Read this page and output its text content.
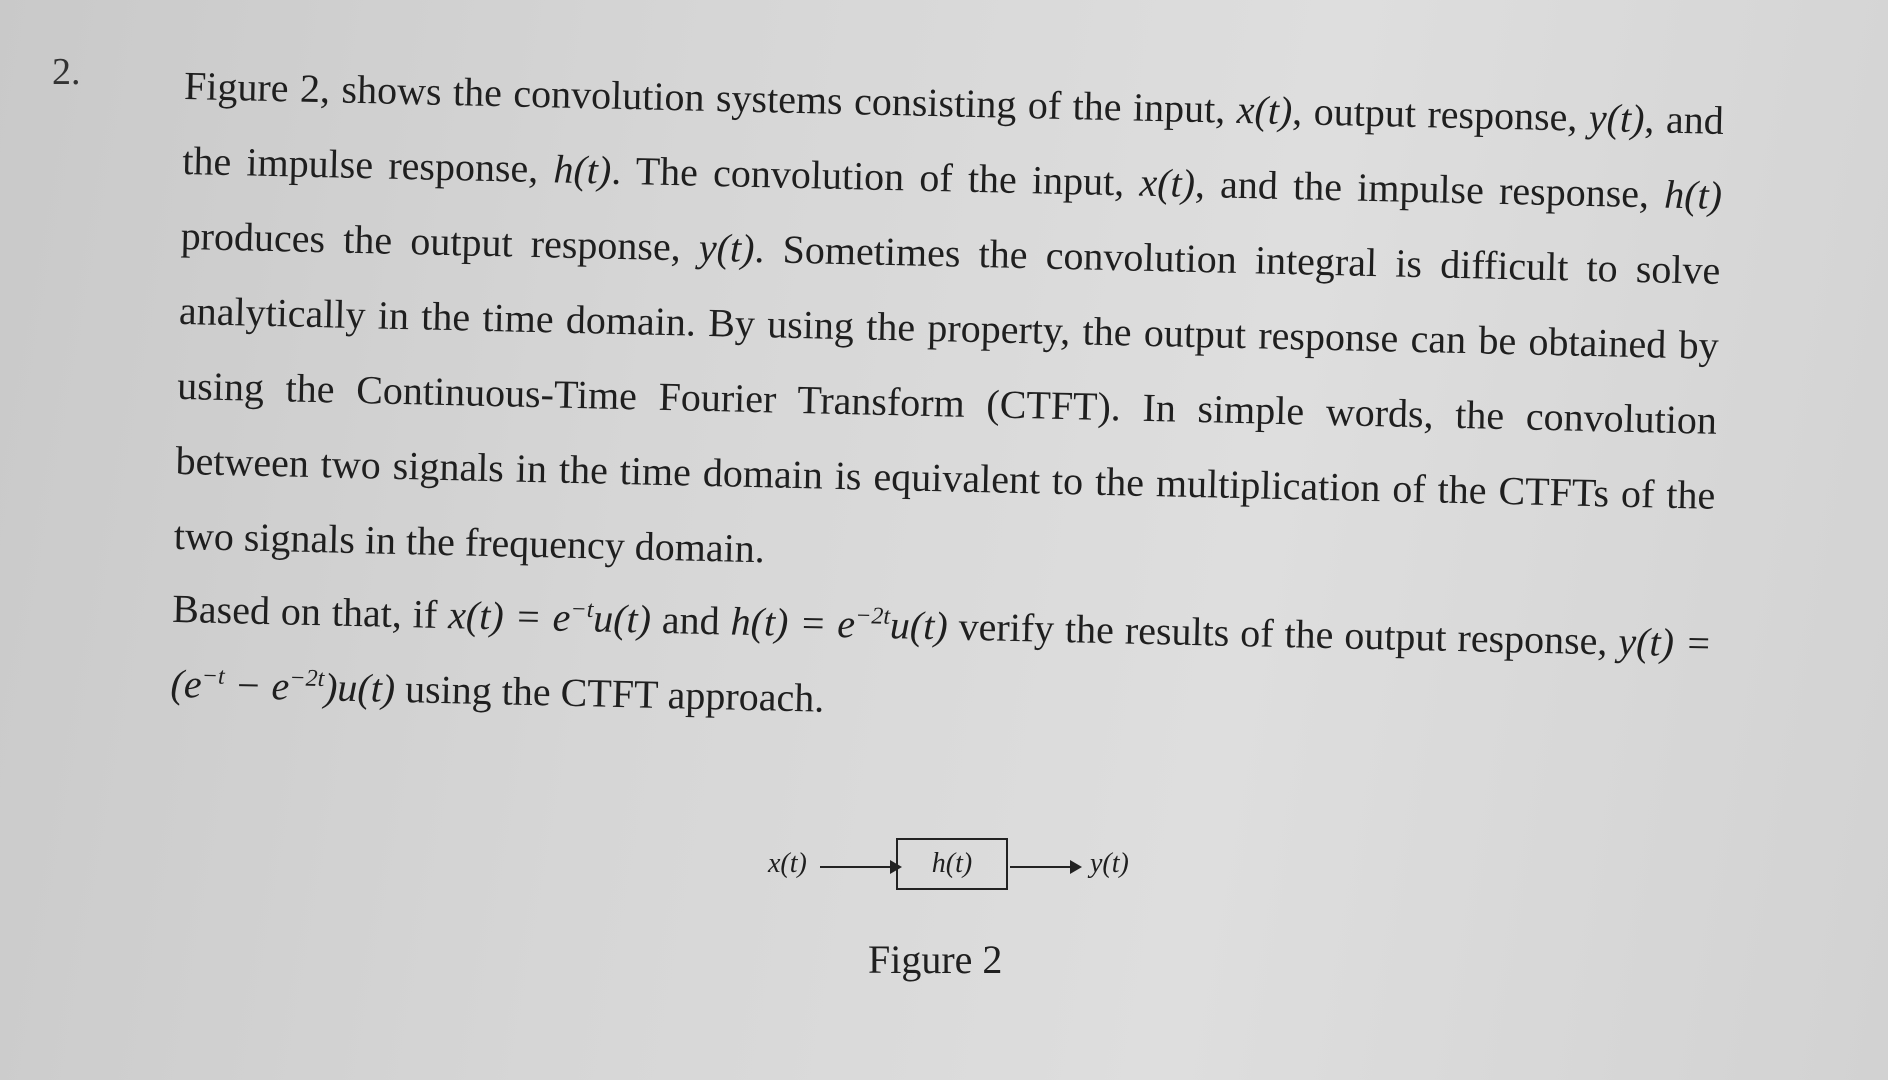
2.	Figure 2, shows the convolution systems consisting of the input, x(t), output response, y(t), and the impulse response, h(t). The convolution of the input, x(t), and the impulse response, h(t) produces the output response, y(t). Sometimes the convolution integral is difficult to solve analytically in the time domain. By using the property, the output response can be obtained by using the Continuous-Time Fourier Transform (CTFT). In simple words, the convolution between two signals in the time domain is equivalent to the multiplication of the CTFTs of the two signals in the frequency domain.

Based on that, if $x(t) = e^{-t}u(t)$ and $h(t) = e^{-2t}u(t)$ verify the results of the output response, $y(t) = (e^{-t} - e^{-2t})u(t)$ using the CTFT approach.

x(t)	h(t)	y(t)
Figure 2
